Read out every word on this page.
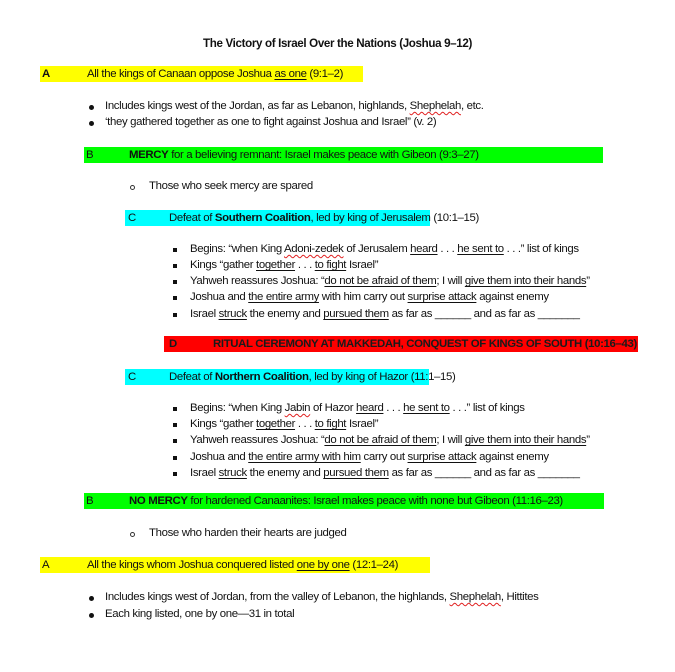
The Victory of Israel Over the Nations (Joshua 9–12)
A	All the kings of Canaan oppose Joshua as one (9:1–2)
Includes kings west of the Jordan, as far as Lebanon, highlands, Shephelah, etc.
‘they gathered together as one to fight against Joshua and Israel” (v. 2)
B	MERCY for a believing remnant: Israel makes peace with Gibeon (9:3–27)
Those who seek mercy are spared
C	Defeat of Southern Coalition, led by king of Jerusalem (10:1–15)
Begins: “when King Adoni-zedek of Jerusalem heard . . . he sent to . . .” list of kings
Kings “gather together . . . to fight Israel”
Yahweh reassures Joshua: “do not be afraid of them; I will give them into their hands”
Joshua and the entire army with him carry out surprise attack against enemy
Israel struck the enemy and pursued them as far as ______ and as far as _______
D	RITUAL CEREMONY AT MAKKEDAH, CONQUEST OF KINGS OF SOUTH (10:16–43)
C	Defeat of Northern Coalition, led by king of Hazor (11:1–15)
Begins: “when King Jabin of Hazor heard . . . he sent to . . .” list of kings
Kings “gather together . . . to fight Israel”
Yahweh reassures Joshua: “do not be afraid of them; I will give them into their hands”
Joshua and the entire army with him carry out surprise attack against enemy
Israel struck the enemy and pursued them as far as ______ and as far as _______
B	NO MERCY for hardened Canaanites: Israel makes peace with none but Gibeon (11:16–23)
Those who harden their hearts are judged
A	All the kings whom Joshua conquered listed one by one (12:1–24)
Includes kings west of Jordan, from the valley of Lebanon, the highlands, Shephelah, Hittites
Each king listed, one by one—31 in total
